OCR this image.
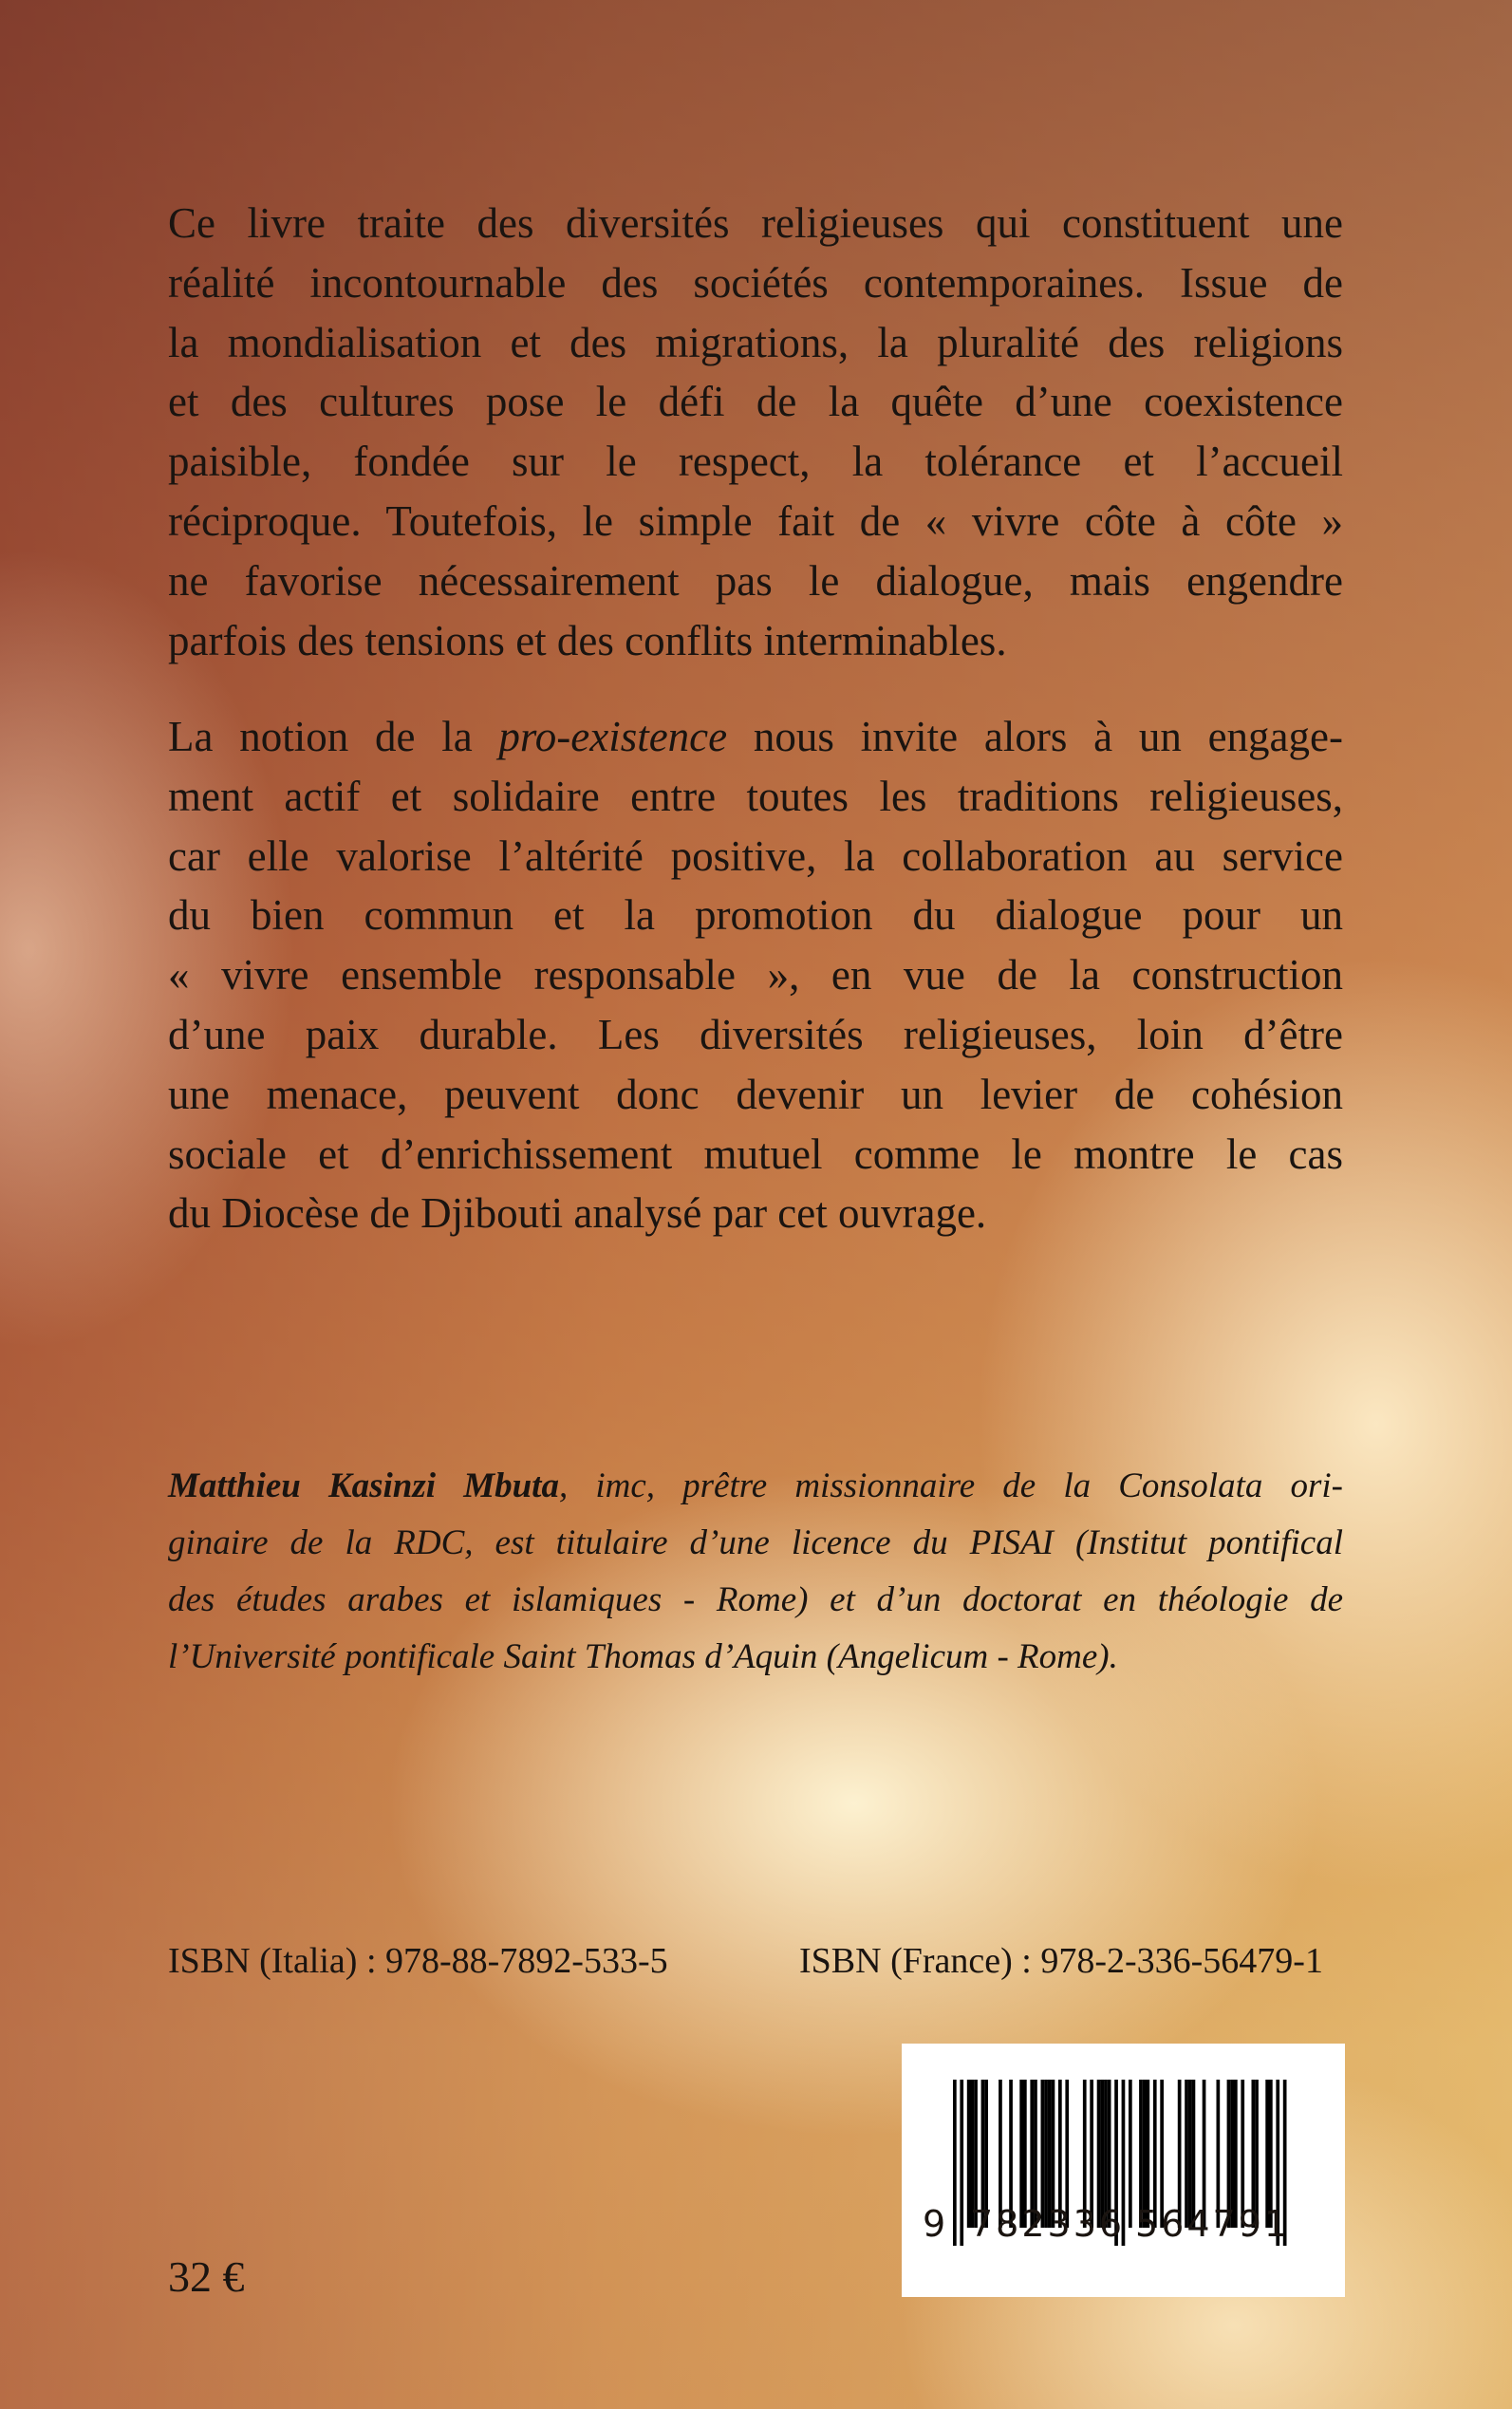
Ce livre traite des diversités religieuses qui constituent une
réalité incontournable des sociétés contemporaines. Issue de
la mondialisation et des migrations, la pluralité des religions
et des cultures pose le défi de la quête d’une coexistence
paisible, fondée sur le respect, la tolérance et l’accueil
réciproque. Toutefois, le simple fait de « vivre côte à côte »
ne favorise nécessairement pas le dialogue, mais engendre
parfois des tensions et des conflits interminables.
La notion de la pro-existence nous invite alors à un engage-
ment actif et solidaire entre toutes les traditions religieuses,
car elle valorise l’altérité positive, la collaboration au service
du bien commun et la promotion du dialogue pour un
« vivre ensemble responsable », en vue de la construction
d’une paix durable. Les diversités religieuses, loin d’être
une menace, peuvent donc devenir un levier de cohésion
sociale et d’enrichissement mutuel comme le montre le cas
du Diocèse de Djibouti analysé par cet ouvrage.
Matthieu Kasinzi Mbuta, imc, prêtre missionnaire de la Consolata ori-
ginaire de la RDC, est titulaire d’une licence du PISAI (Institut pontifical
des études arabes et islamiques - Rome) et d’un doctorat en théologie de
l’Université pontificale Saint Thomas d’Aquin (Angelicum - Rome).
ISBN (Italia) : 978-88-7892-533-5	ISBN (France) : 978-2-336-56479-1
32 €
9 782336 564791
